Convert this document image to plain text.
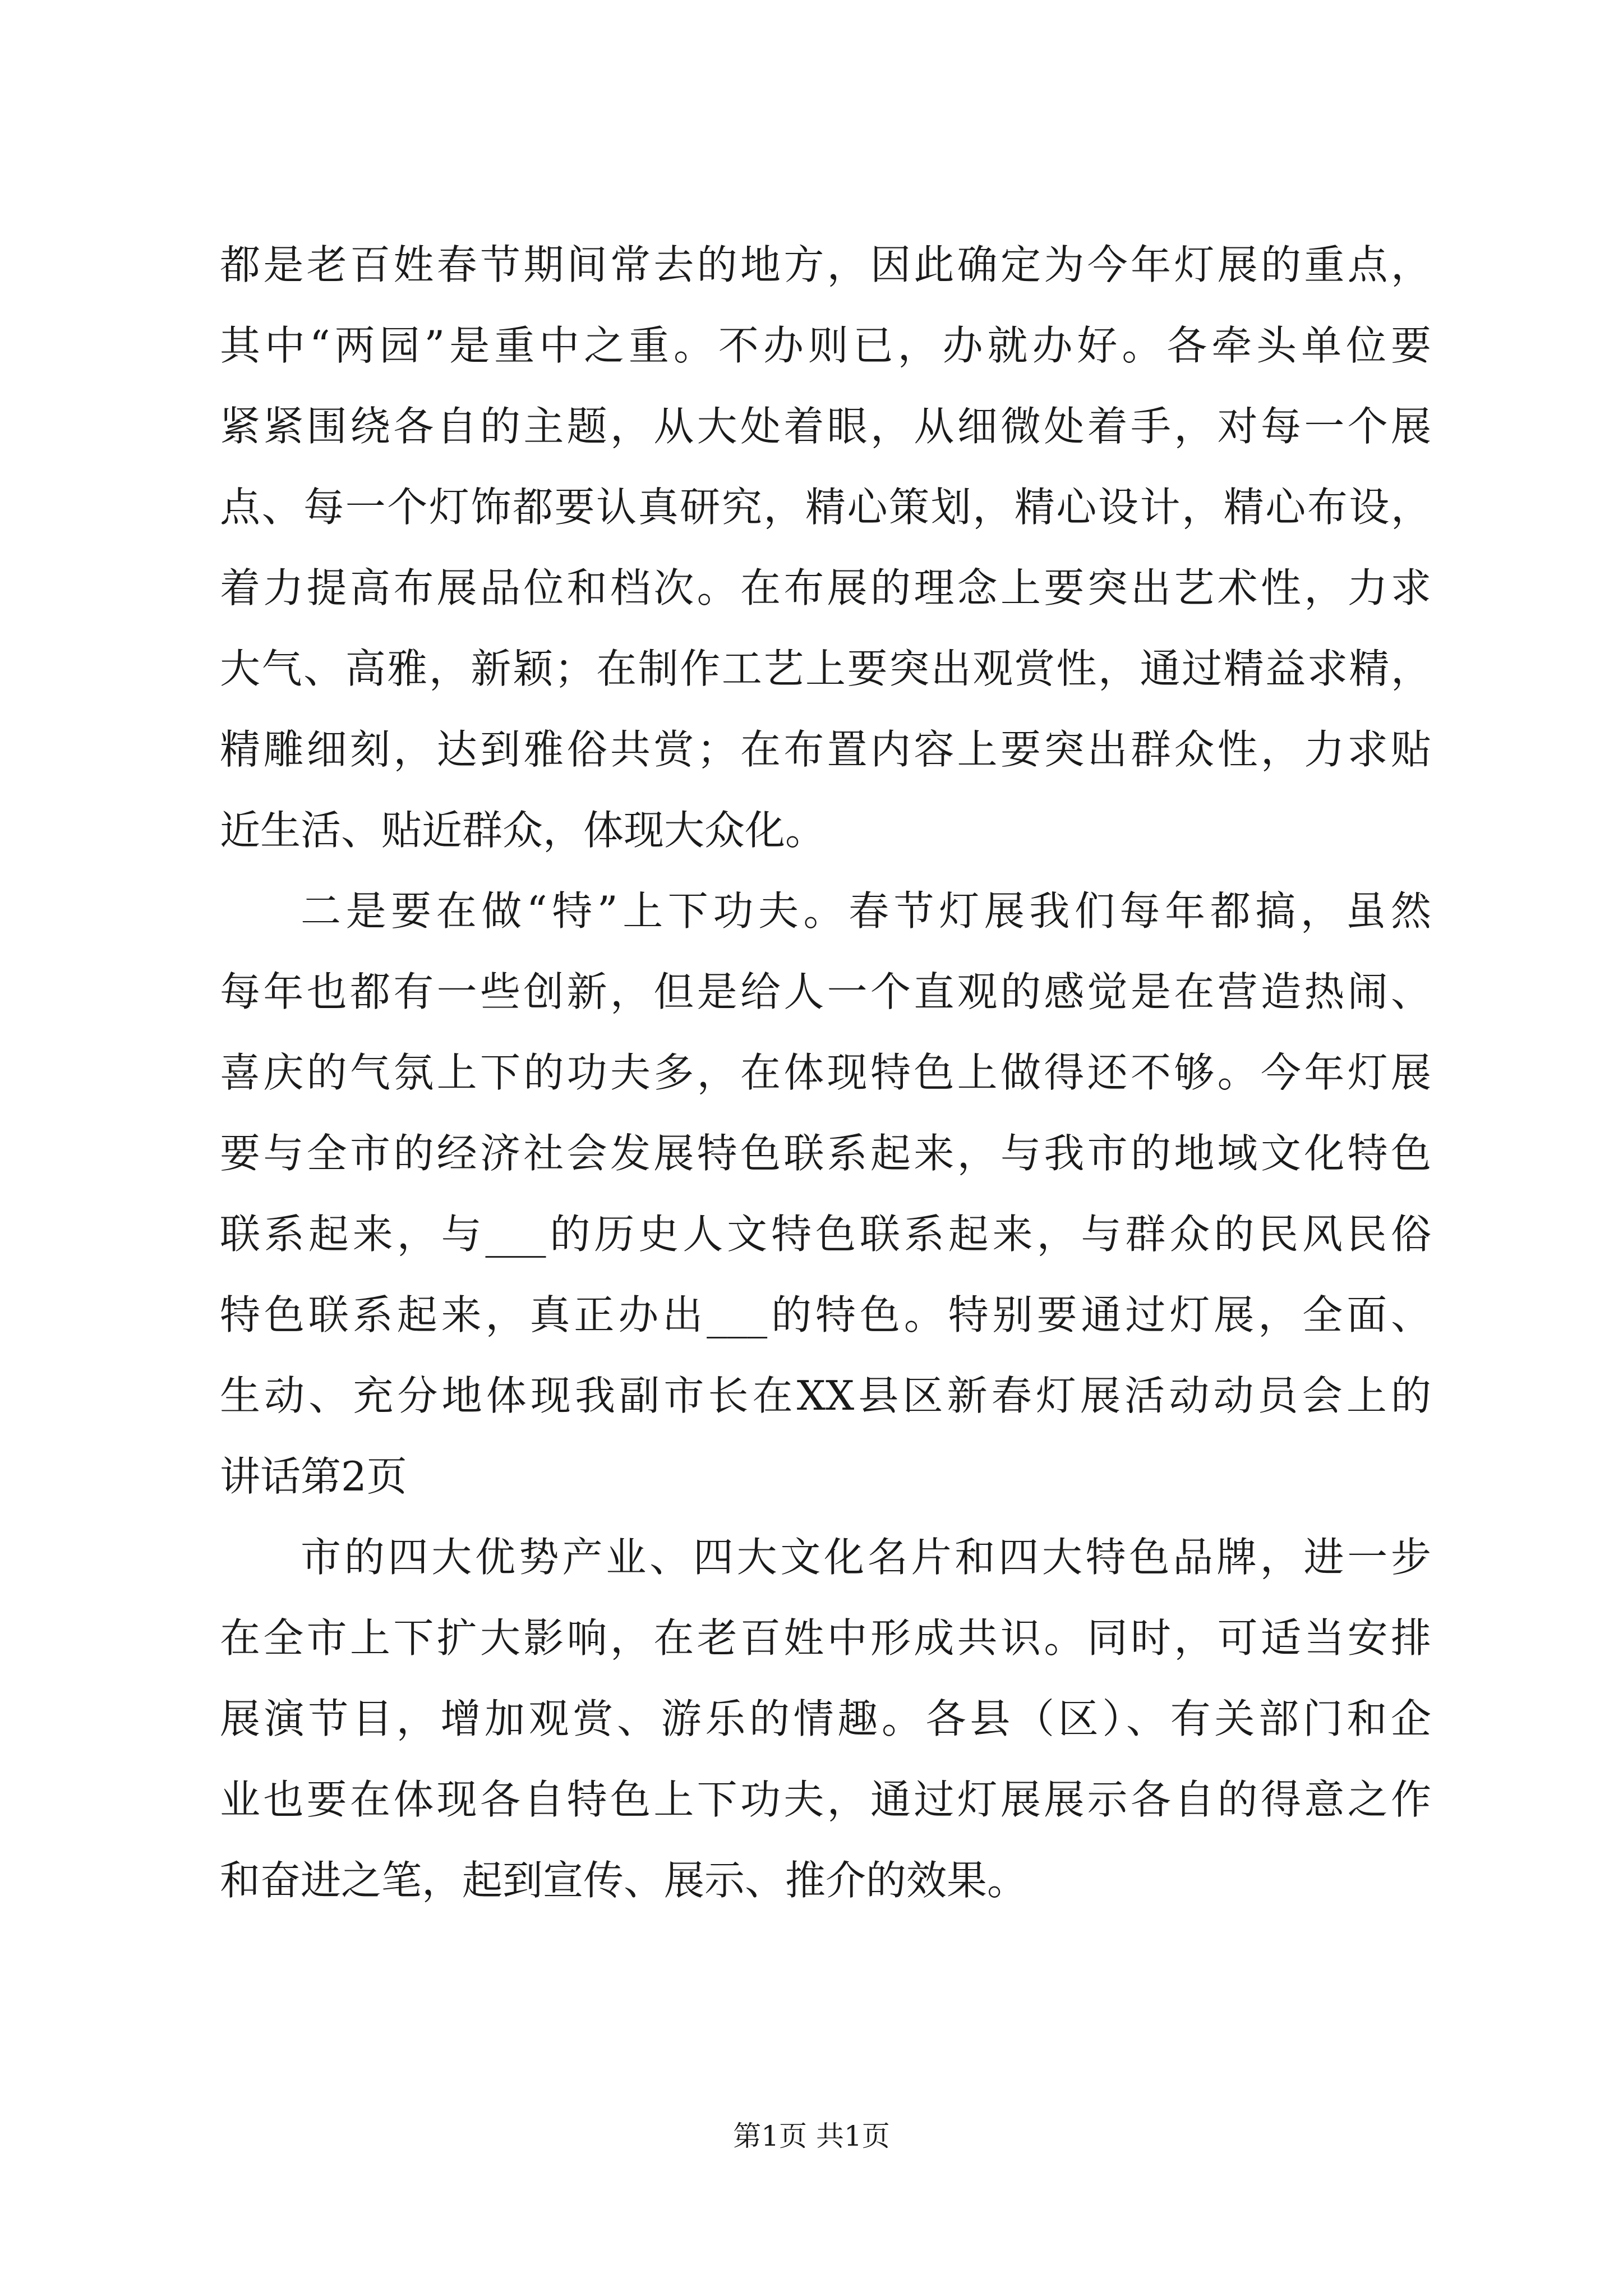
都是老百姓春节期间常去的地方，因此确定为今年灯展的重点，
其中“两园”是重中之重。不办则已，办就办好。各牵头单位要
紧紧围绕各自的主题，从大处着眼，从细微处着手，对每一个展
点、每一个灯饰都要认真研究，精心策划，精心设计，精心布设，
着力提高布展品位和档次。在布展的理念上要突出艺术性，力求
大气、高雅，新颖；在制作工艺上要突出观赏性，通过精益求精，
精雕细刻，达到雅俗共赏；在布置内容上要突出群众性，力求贴
近生活、贴近群众，体现大众化。
二是要在做“特”上下功夫。春节灯展我们每年都搞，虽然
每年也都有一些创新，但是给人一个直观的感觉是在营造热闹、
喜庆的气氛上下的功夫多，在体现特色上做得还不够。今年灯展
要与全市的经济社会发展特色联系起来，与我市的地域文化特色
联系起来，与___的历史人文特色联系起来，与群众的民风民俗
特色联系起来，真正办出___的特色。特别要通过灯展，全面、
生动、充分地体现我副市长在XX县区新春灯展活动动员会上的
讲话第2页
市的四大优势产业、四大文化名片和四大特色品牌，进一步
在全市上下扩大影响，在老百姓中形成共识。同时，可适当安排
展演节目，增加观赏、游乐的情趣。各县（区）、有关部门和企
业也要在体现各自特色上下功夫，通过灯展展示各自的得意之作
和奋进之笔，起到宣传、展示、推介的效果。
第1页 共1页
